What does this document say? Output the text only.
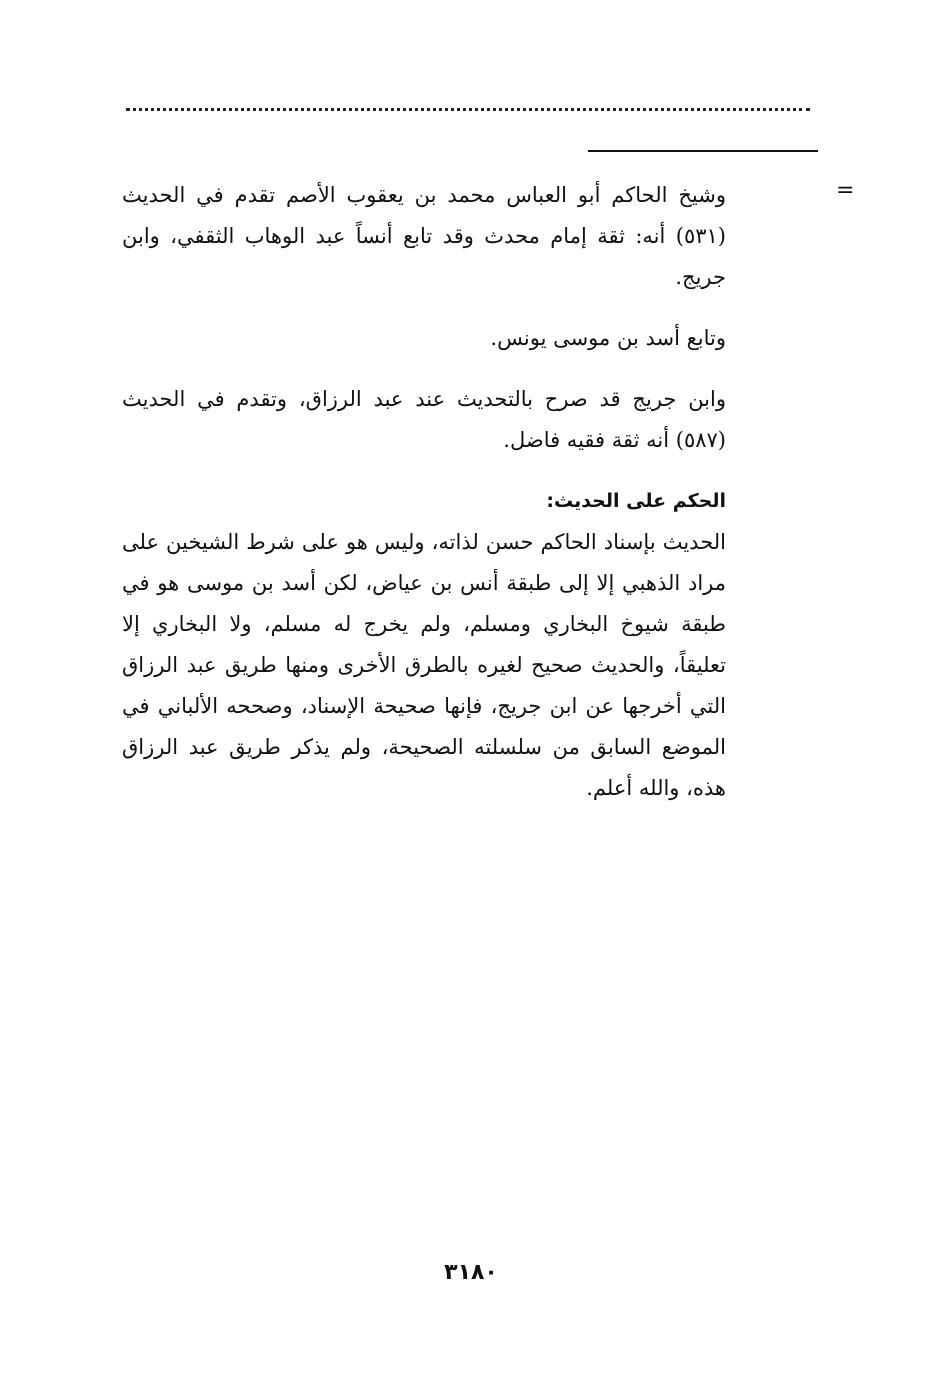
=

وشيخ الحاكم أبو العباس محمد بن يعقوب الأصم تقدم في الحديث (٥٣١) أنه: ثقة إمام محدث وقد تابع أنساً عبد الوهاب الثقفي، وابن جريج.

وتابع أسد بن موسى يونس.

وابن جريج قد صرح بالتحديث عند عبد الرزاق، وتقدم في الحديث (٥٨٧) أنه ثقة فقيه فاضل.

الحكم على الحديث:

الحديث بإسناد الحاكم حسن لذاته، وليس هو على شرط الشيخين على مراد الذهبي إلا إلى طبقة أنس بن عياض، لكن أسد بن موسى هو في طبقة شيوخ البخاري ومسلم، ولم يخرج له مسلم، ولا البخاري إلا تعليقاً، والحديث صحيح لغيره بالطرق الأخرى ومنها طريق عبد الرزاق التي أخرجها عن ابن جريج، فإنها صحيحة الإسناد، وصححه الألباني في الموضع السابق من سلسلته الصحيحة، ولم يذكر طريق عبد الرزاق هذه، والله أعلم.

٣١٨٠
